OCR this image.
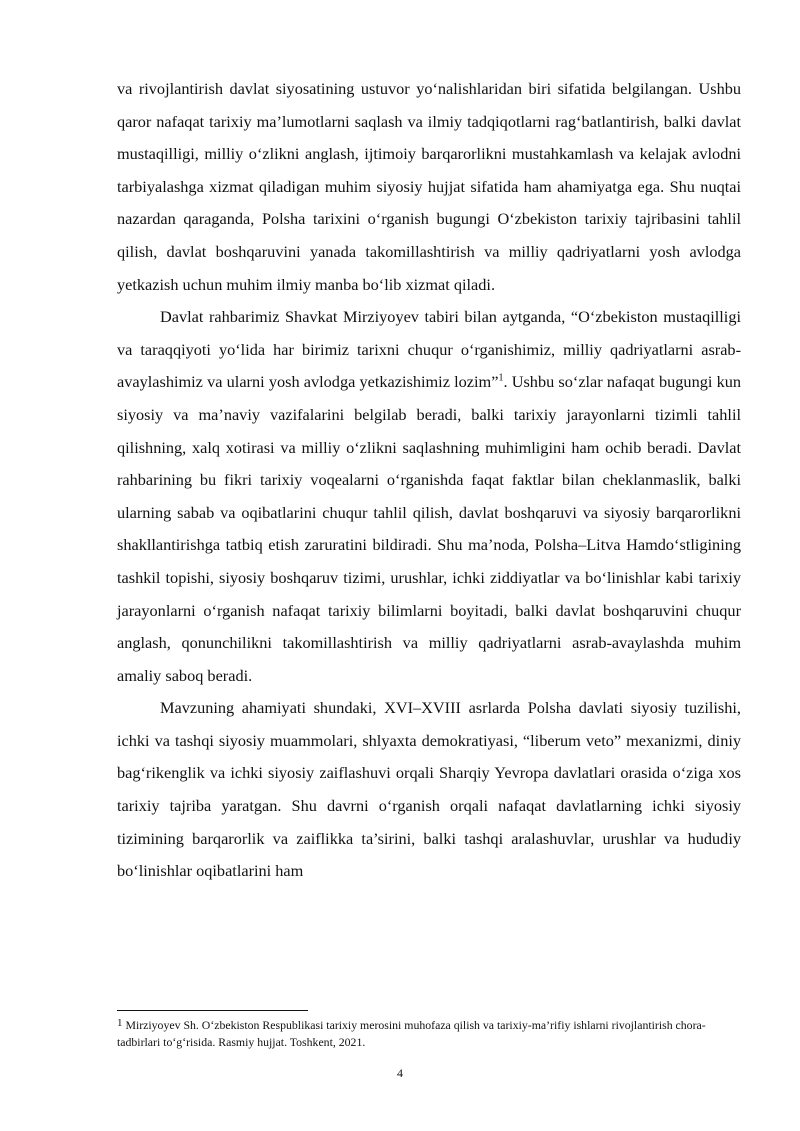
va rivojlantirish davlat siyosatining ustuvor yo‘nalishlaridan biri sifatida belgilangan. Ushbu qaror nafaqat tarixiy ma’lumotlarni saqlash va ilmiy tadqiqotlarni rag‘batlantirish, balki davlat mustaqilligi, milliy o‘zlikni anglash, ijtimoiy barqarorlikni mustahkamlash va kelajak avlodni tarbiyalashga xizmat qiladigan muhim siyosiy hujjat sifatida ham ahamiyatga ega. Shu nuqtai nazardan qaraganda, Polsha tarixini o‘rganish bugungi O‘zbekiston tarixiy tajribasini tahlil qilish, davlat boshqaruvini yanada takomillashtirish va milliy qadriyatlarni yosh avlodga yetkazish uchun muhim ilmiy manba bo‘lib xizmat qiladi.

Davlat rahbarimiz Shavkat Mirziyoyev tabiri bilan aytganda, “O‘zbekiston mustaqilligi va taraqqiyoti yo‘lida har birimiz tarixni chuqur o‘rganishimiz, milliy qadriyatlarni asrab-avaylashimiz va ularni yosh avlodga yetkazishimiz lozim”$^1$. Ushbu so‘zlar nafaqat bugungi kun siyosiy va ma’naviy vazifalarini belgilab beradi, balki tarixiy jarayonlarni tizimli tahlil qilishning, xalq xotirasi va milliy o‘zlikni saqlashning muhimligini ham ochib beradi. Davlat rahbarining bu fikri tarixiy voqealarni o‘rganishda faqat faktlar bilan cheklanmaslik, balki ularning sabab va oqibatlarini chuqur tahlil qilish, davlat boshqaruvi va siyosiy barqarorlikni shakllantirishga tatbiq etish zaruratini bildiradi. Shu ma’noda, Polsha–Litva Hamdo‘stligining tashkil topishi, siyosiy boshqaruv tizimi, urushlar, ichki ziddiyatlar va bo‘linishlar kabi tarixiy jarayonlarni o‘rganish nafaqat tarixiy bilimlarni boyitadi, balki davlat boshqaruvini chuqur anglash, qonunchilikni takomillashtirish va milliy qadriyatlarni asrab-avaylashda muhim amaliy saboq beradi.

Mavzuning ahamiyati shundaki, XVI–XVIII asrlarda Polsha davlati siyosiy tuzilishi, ichki va tashqi siyosiy muammolari, shlyaxta demokratiyasi, “liberum veto” mexanizmi, diniy bag‘rikenglik va ichki siyosiy zaiflashuvi orqali Sharqiy Yevropa davlatlari orasida o‘ziga xos tarixiy tajriba yaratgan. Shu davrni o‘rganish orqali nafaqat davlatlarning ichki siyosiy tizimining barqarorlik va zaiflikka ta’sirini, balki tashqi aralashuvlar, urushlar va hududiy bo‘linishlar oqibatlarini ham

$^1$ Mirziyoyev Sh. O‘zbekiston Respublikasi tarixiy merosini muhofaza qilish va tarixiy-ma’rifiy ishlarni rivojlantirish chora-tadbirlari to‘g‘risida. Rasmiy hujjat. Toshkent, 2021.

4
